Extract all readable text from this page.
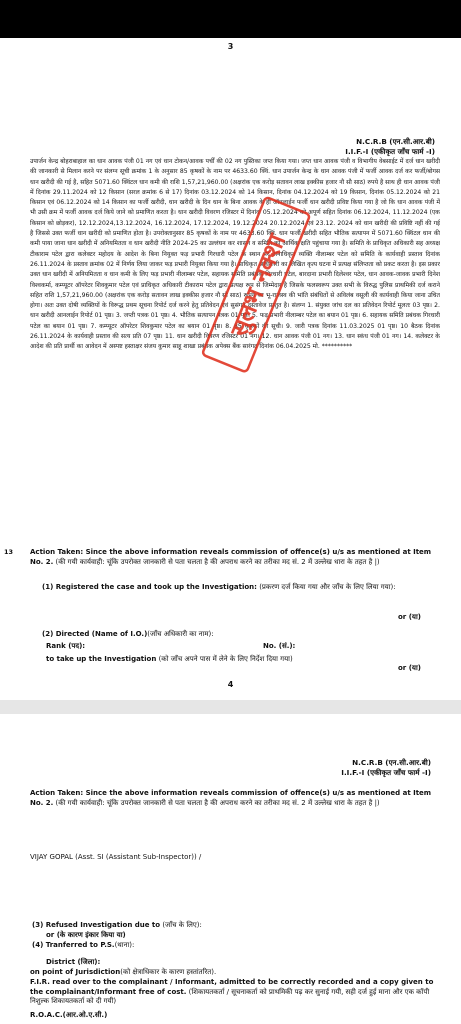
3
N.C.R.B (एन.सी.आर.बी)
I.I.F.-I (एकीकृत जाँच फार्म -I)
उपार्जन केन्द्र बोहराबाहाल का धान आवक पंजी 01 नग एवं धान टोकन/आवक पर्चीं की 02 नग पुस्तिका जप्त किया गया। जप्त धान आवक पंजी व विभागीय वेबसाईट में दर्ज धान खरीदी की जानकारी से मिलान करने पर संलग्न सूची क्रमांक 1 के अनुसार 85 कृषकों के नाम पर 4633.60 क्विं. धान उपार्जन केन्द्र के धान आवक पंजी में फर्जी आवक दर्ज कर फर्जी/बोगस धान खरीदी की गई है, सहित 5071.60 क्विंटल धान कमी की राशि 1,57,21,960.00 (अक्षरांक एक करोड़ सतावन लाख इक्कीस हजार नौ सौ साठ) रुपये है साथ ही धान आवक पंजी में दिनांक 29.11.2024 को 12 किसान (सरल क्रमांक 6 से 17) दिनांक 03.12.2024 को 14 किसान, दिनांक 04.12.2024 को 19 किसान, दिनांक 05.12.2024 को 21 किसान एवं 06.12.2024 को 14 किसान का फर्जी खरीदी, धान खरीदी के दिन धान के बिना आवक के ही ऑनलाईन फर्जी धान खरीदी प्रविष्ट किया गया है जो कि धान आवक पंजी में भी उसी क्रम में फर्जी आवक दर्ज किये जाने को प्रमाणित करता है। धान खरीदी विवरण रजिस्टर में दिनांक 05.12.2024 को अपूर्ण सहित दिनांक 06.12.2024, 11.12.2024 (एक किसान को छोड़कर), 12.12.2024,13.12.2024, 16.12.2024, 17.12.2024, 19.12.2024 20.12.2024 एवं 23.12. 2024 को धान खरीदी की प्रविष्टि नहीं की गई है जिससे उक्त फर्जी धान खरीदी को प्रमाणित होता है। उपरोक्तानुसार 85 कृषकों के नाम पर 4633.60 क्विं. धान फर्जी खरीदी सहित भौतिक सत्यापन में 5071.60 क्विंटल धान की कमी पाया जाना धान खरीदी में अनियमितता व धान खरीदी नीति 2024-25 का उल्लंघन कर शासन व समिति को आर्थिक क्षति पहुंचाया गया है। समिति के प्राधिकृत अधिकारी सह अध्यक्ष टीकाराम पटेल द्वारा कलेक्टर महोदय के आदेश के बिना नियुक्त फड़ प्रभारी गिरधारी पटेल के स्थान पर अनाधिकृत व्यक्ति नीलाम्बर पटेल को समिति के कार्यवाही प्रस्ताव दिनांक 26.11.2024 के प्रस्ताव क्रमांक 02 में निर्णय लिया जाकर फड़ प्रभारी नियुक्त किया गया है। प्राधिकृत अधिकारी का लिखित कृत्य घटना में प्रत्यक्ष संलिप्तता को प्रकट करता है। इस प्रकार उक्त धान खरीदी में अनियमितता व धान कमी के लिए फड़ प्रभारी नीलाम्बर पटेल, सहायक समिति प्रबंधक गिरधारी पटेल, बारदाना प्रभारी दिलेश्वर पटेल, धान आवक-जावक प्रभारी दिनेश विश्वकर्मा, कम्प्यूटर ऑपरेटर शिवकुमार पटेल एवं प्राधिकृत अधिकारी टीकाराम पटेल द्वारा प्रत्यक्ष रूप से जिम्मेदार है जिसके फलस्वरूप उक्त सभी के विरुद्ध पुलिस प्राथमिकी दर्ज कराने सहित राशि 1,57,21,960.00 (अक्षरांक एक करोड़ सतावन लाख इक्कीस हजार नौ सौ साठ) रूपये का भू-राजस्व की भांति संबंधितों से अविलंब वसूली की कार्यवाही किया जाना उचित होगा। अतः उक्त दोषी व्यक्तियों के विरूद्ध प्रथम सूचना रिपोर्ट दर्ज करने हेतु प्रतिवेदन एवं सुसंगत दस्तावेज प्रस्तुत है। संलग्न 1. संयुक्त जांच दल का प्रतिवेदन रिपोर्ट मूलतः 03 पृष्ठ। 2. धान खरीदी आनलाईन रिपोर्ट 01 पृष्ठ। 3. जप्ती पत्रक 01 पृष्ठ। 4. भौतिक सत्यापन पत्रक 01 पृष्ठ। 5. फड़ प्रभारी नीलाम्बर पटेल का बयान 01 पृष्ठ। 6. सहायक समिति प्रबंधक गिरधारी पटेल का बयान 01 पृष्ठ। 7. कम्प्यूटर ऑपरेटर शिवकुमार पटेल का बयान 01 पृष्ठ। 8. 85 कृषकों की सूची। 9. जारी पत्रक दिनांक 11.03.2025 01 पृष्ठ। 10 बैठक दिनांक 26.11.2024 के कार्यवाही प्रस्ताव की सत्य प्रति 07 पृष्ठ। 11. धान खरीदी विवरण रजिस्टर 01 नग। 12. धान आवक पंजी 01 नग। 13. धान स्कंध पंजी 01 नग। 14. कलेक्टर के आदेश की प्रति प्रार्थी का आवेदन में अस्पष्ट हस्ताक्षर संजय कुमार साहू शाखा प्रबंधक अपेक्स बैंक सारंगढ़ दिनांक 06.04.2025 मो. **********
सुलभ नक्शा
13 Action Taken: Since the above information reveals commission of offence(s) u/s as mentioned at Item No. 2. (की गयी कार्यवाही: चूंकि उपरोक्त जानकारी से पता चलता है की अपराध करने का तरीका मद सं. 2 में उल्लेख धारा के तहत है |)
(1) Registered the case and took up the Investigation: (प्रकरण दर्ज किया गया और जाँच के लिए लिया गया):
or (या)
(2) Directed (Name of I.O.)(जाँच अधिकारी का नाम):
Rank (पद):	No. (सं.):
to take up the Investigation (को जाँच अपने पास में लेने के लिए निर्देश दिया गया)
or (या)
4
N.C.R.B (एन.सी.आर.बी)
I.I.F.-I (एकीकृत जाँच फार्म -I)
Action Taken: Since the above information reveals commission of offence(s) u/s as mentioned at Item No. 2. (की गयी कार्यवाही: चूंकि उपरोक्त जानकारी से पता चलता है की अपराध करने का तरीका मद सं. 2 में उल्लेख धारा के तहत है |)
VIJAY GOPAL (Asst. SI (Assistant Sub-Inspector)) /
(3) Refused Investigation due to (जाँच के लिए):
or (के कारण इंकार किया या)
(4) Tranferred to P.S.(थाना):
District (जिला):
on point of Jurisdiction(को क्षेत्राधिकार के कारण हस्तांतरित).
F.I.R. read over to the complainant / Informant, admitted to be correctly recorded and a copy given to the complainant/Informant free of cost. (शिकायतकर्ता / सूचनाकर्ता को प्राथमिकी पढ़ कर सुनाई गयी, सही दर्ज हुई माना और एक कॉपी निशुल्क शिकायतकर्ता को दी गयी)
R.O.A.C.(आर.ओ.ए.सी.)
